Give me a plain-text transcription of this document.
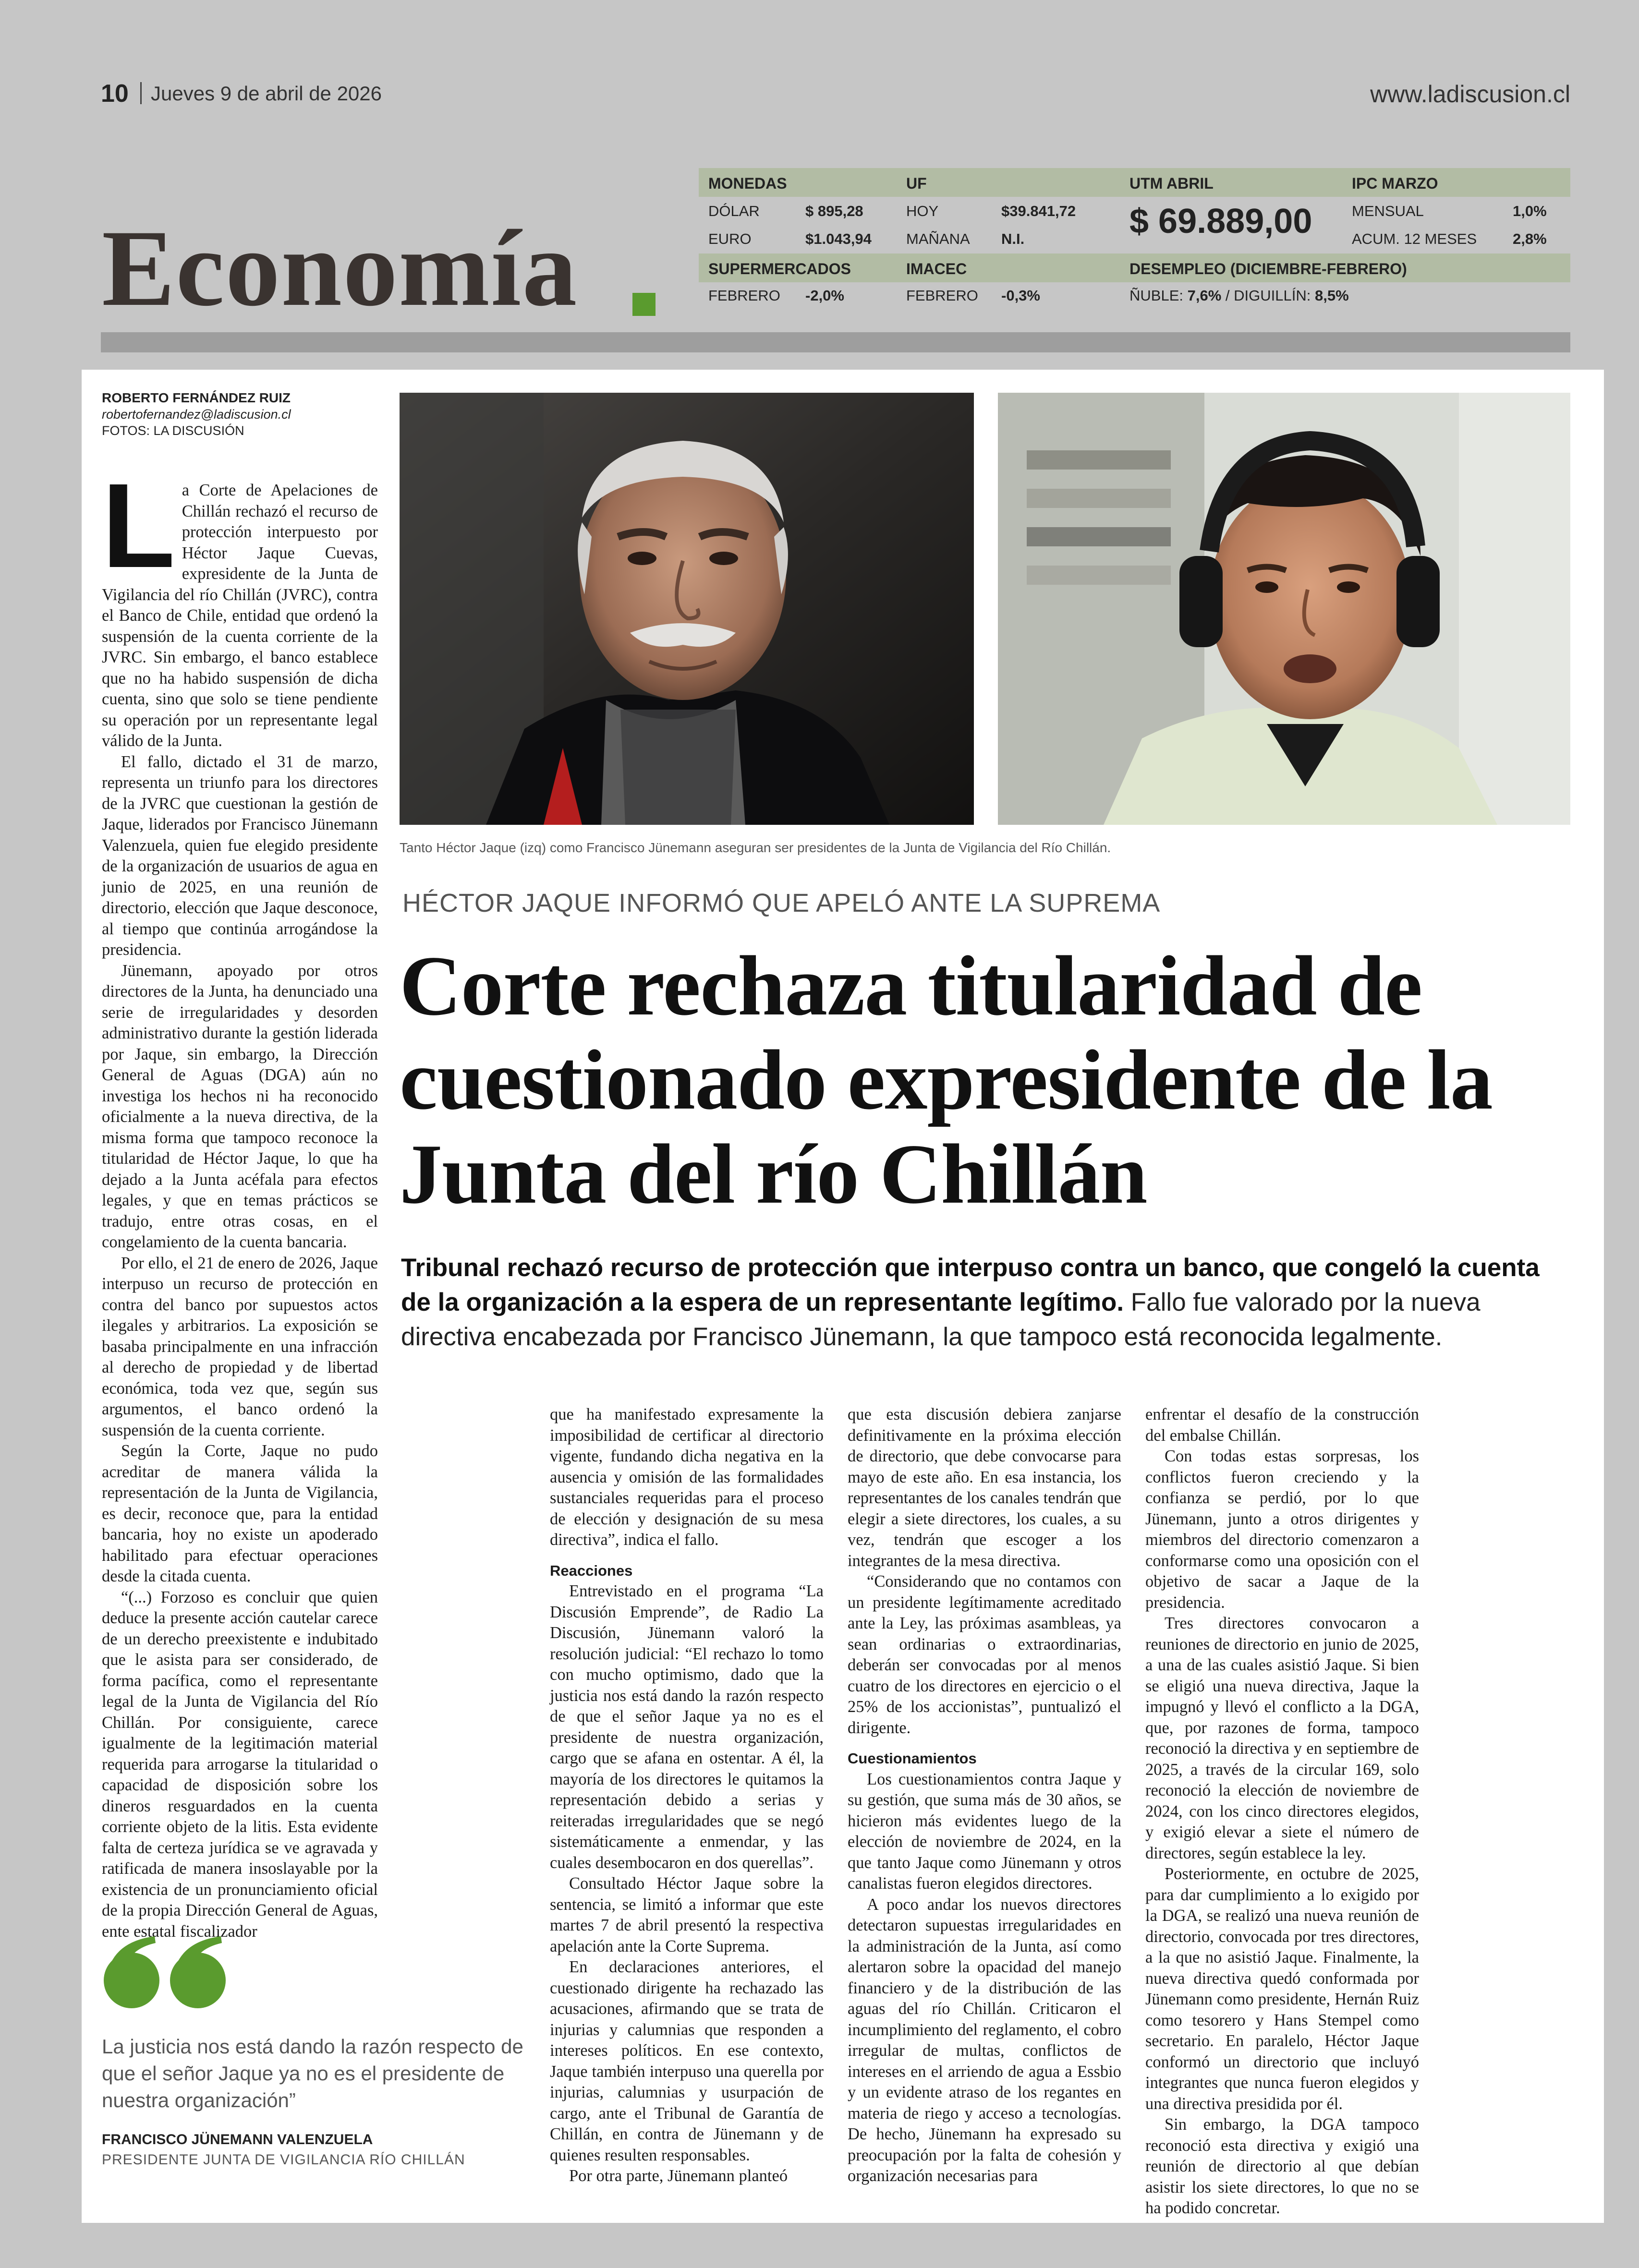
10 Jueves 9 de abril de 2026	www.ladiscusion.cl
Economía
MONEDAS
DÓLAR	$ 895,28
EURO	$1.043,94
UF
HOY	$39.841,72
MAÑANA N.I.
UTM ABRIL
$ 69.889,00
IPC MARZO
MENSUAL	1,0%
ACUM. 12 MESES 2,8%
SUPERMERCADOS
FEBRERO -2,0%
IMACEC
FEBRERO -0,3%
DESEMPLEO (DICIEMBRE-FEBRERO)
ÑUBLE: 7,6% / DIGUILLÍN: 8,5%
ROBERTO FERNÁNDEZ RUIZ
robertofernandez@ladiscusion.cl
FOTOS: LA DISCUSIÓN
L a Corte de Apelaciones de Chillán rechazó el recurso de protección interpuesto por Héctor Jaque Cuevas, expresidente de la Junta de Vigilancia del río Chillán (JVRC), contra el Banco de Chile, entidad que ordenó la suspensión de la cuenta corriente de la JVRC. Sin embargo, el banco establece que no ha habido suspensión de dicha cuenta, sino que solo se tiene pendiente su operación por un representante legal válido de la Junta.

El fallo, dictado el 31 de marzo, representa un triunfo para los directores de la JVRC que cuestionan la gestión de Jaque, liderados por Francisco Jünemann Valenzuela, quien fue elegido presidente de la organización de usuarios de agua en junio de 2025, en una reunión de directorio, elección que Jaque desconoce, al tiempo que continúa arrogándose la presidencia.

Jünemann, apoyado por otros directores de la Junta, ha denunciado una serie de irregularidades y desorden administrativo durante la gestión liderada por Jaque, sin embargo, la Dirección General de Aguas (DGA) aún no investiga los hechos ni ha reconocido oficialmente a la nueva directiva, de la misma forma que tampoco reconoce la titularidad de Héctor Jaque, lo que ha dejado a la Junta acéfala para efectos legales, y que en temas prácticos se tradujo, entre otras cosas, en el congelamiento de la cuenta bancaria.

Por ello, el 21 de enero de 2026, Jaque interpuso un recurso de protección en contra del banco por supuestos actos ilegales y arbitrarios. La exposición se basaba principalmente en una infracción al derecho de propiedad y de libertad económica, toda vez que, según sus argumentos, el banco ordenó la suspensión de la cuenta corriente.

Según la Corte, Jaque no pudo acreditar de manera válida la representación de la Junta de Vigilancia, es decir, reconoce que, para la entidad bancaria, hoy no existe un apoderado habilitado para efectuar operaciones desde la citada cuenta.

“(...) Forzoso es concluir que quien deduce la presente acción cautelar carece de un derecho preexistente e indubitado que le asista para ser considerado, de forma pacífica, como el representante legal de la Junta de Vigilancia del Río Chillán. Por consiguiente, carece igualmente de la legitimación material requerida para arrogarse la titularidad o capacidad de disposición sobre los dineros resguardados en la cuenta corriente objeto de la litis. Esta evidente falta de certeza jurídica se ve agravada y ratificada de manera insoslayable por la existencia de un pronunciamiento oficial de la propia Dirección General de Aguas, ente estatal fiscalizador

Tanto Héctor Jaque (izq) como Francisco Jünemann aseguran ser presidentes de la Junta de Vigilancia del Río Chillán.
HÉCTOR JAQUE INFORMÓ QUE APELÓ ANTE LA SUPREMA
Corte rechaza titularidad de cuestionado expresidente de la Junta del río Chillán
Tribunal rechazó recurso de protección que interpuso contra un banco, que congeló la cuenta de la organización a la espera de un representante legítimo. Fallo fue valorado por la nueva directiva encabezada por Francisco Jünemann, la que tampoco está reconocida legalmente.

que ha manifestado expresamente la imposibilidad de certificar al directorio vigente, fundando dicha negativa en la ausencia y omisión de las formalidades sustanciales requeridas para el proceso de elección y designación de su mesa directiva”, indica el fallo.

Reacciones

Entrevistado en el programa “La Discusión Emprende”, de Radio La Discusión, Jünemann valoró la resolución judicial: “El rechazo lo tomo con mucho optimismo, dado que la justicia nos está dando la razón respecto de que el señor Jaque ya no es el presidente de nuestra organización, cargo que se afana en ostentar. A él, la mayoría de los directores le quitamos la representación debido a serias y reiteradas irregularidades que se negó sistemáticamente a enmendar, y las cuales desembocaron en dos querellas”.

Consultado Héctor Jaque sobre la sentencia, se limitó a informar que este martes 7 de abril presentó la respectiva apelación ante la Corte Suprema.

En declaraciones anteriores, el cuestionado dirigente ha rechazado las acusaciones, afirmando que se trata de injurias y calumnias que responden a intereses políticos. En ese contexto, Jaque también interpuso una querella por injurias, calumnias y usurpación de cargo, ante el Tribunal de Garantía de Chillán, en contra de Jünemann y de quienes resulten responsables.

Por otra parte, Jünemann planteó

que esta discusión debiera zanjarse definitivamente en la próxima elección de directorio, que debe convocarse para mayo de este año. En esa instancia, los representantes de los canales tendrán que elegir a siete directores, los cuales, a su vez, tendrán que escoger a los integrantes de la mesa directiva.

“Considerando que no contamos con un presidente legítimamente acreditado ante la Ley, las próximas asambleas, ya sean ordinarias o extraordinarias, deberán ser convocadas por al menos cuatro de los directores en ejercicio o el 25% de los accionistas”, puntualizó el dirigente.

Cuestionamientos

Los cuestionamientos contra Jaque y su gestión, que suma más de 30 años, se hicieron más evidentes luego de la elección de noviembre de 2024, en la que tanto Jaque como Jünemann y otros canalistas fueron elegidos directores.

A poco andar los nuevos directores detectaron supuestas irregularidades en la administración de la Junta, así como alertaron sobre la opacidad del manejo financiero y de la distribución de las aguas del río Chillán. Criticaron el incumplimiento del reglamento, el cobro irregular de multas, conflictos de intereses en el arriendo de agua a Essbio y un evidente atraso de los regantes en materia de riego y acceso a tecnologías. De hecho, Jünemann ha expresado su preocupación por la falta de cohesión y organización necesarias para

enfrentar el desafío de la construcción del embalse Chillán.

Con todas estas sorpresas, los conflictos fueron creciendo y la confianza se perdió, por lo que Jünemann, junto a otros dirigentes y miembros del directorio comenzaron a conformarse como una oposición con el objetivo de sacar a Jaque de la presidencia.

Tres directores convocaron a reuniones de directorio en junio de 2025, a una de las cuales asistió Jaque. Si bien se eligió una nueva directiva, Jaque la impugnó y llevó el conflicto a la DGA, que, por razones de forma, tampoco reconoció la directiva y en septiembre de 2025, a través de la circular 169, solo reconoció la elección de noviembre de 2024, con los cinco directores elegidos, y exigió elevar a siete el número de directores, según establece la ley.

Posteriormente, en octubre de 2025, para dar cumplimiento a lo exigido por la DGA, se realizó una nueva reunión de directorio, convocada por tres directores, a la que no asistió Jaque. Finalmente, la nueva directiva quedó conformada por Jünemann como presidente, Hernán Ruiz como tesorero y Hans Stempel como secretario. En paralelo, Héctor Jaque conformó un directorio que incluyó integrantes que nunca fueron elegidos y una directiva presidida por él.

Sin embargo, la DGA tampoco reconoció esta directiva y exigió una reunión de directorio al que debían asistir los siete directores, lo que no se ha podido concretar.

La justicia nos está dando la razón respecto de que el señor Jaque ya no es el presidente de nuestra organización”
FRANCISCO JÜNEMANN VALENZUELA
PRESIDENTE JUNTA DE VIGILANCIA RÍO CHILLÁN
